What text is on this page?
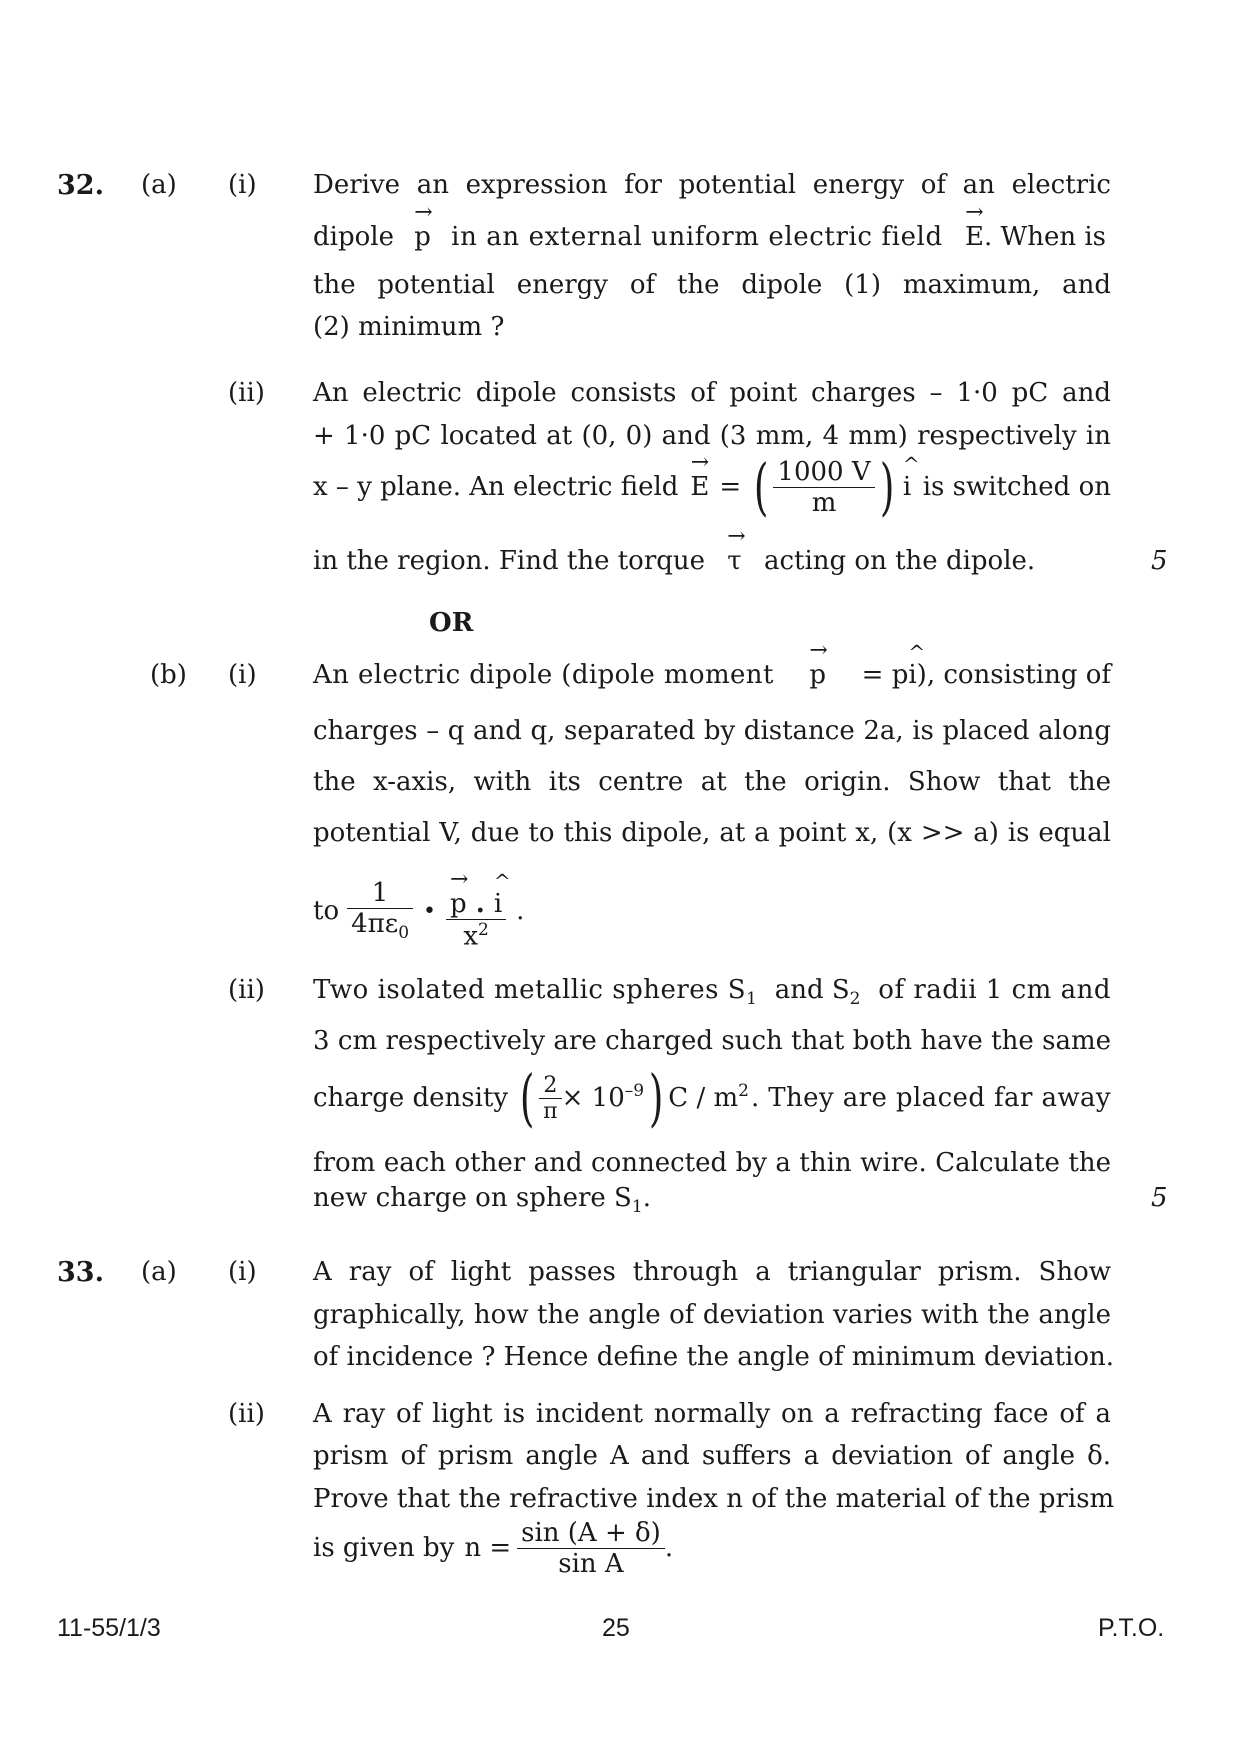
32. (a) (i) Derive an expression for potential energy of an electric
dipole
→
p in an external uniform electric field
→
E. When is
the potential energy of the dipole (1) maximum, and
(2) minimum ?
(ii) An electric dipole consists of point charges – 1·0 pC and
+ 1·0 pC located at (0, 0) and (3 mm, 4 mm) respectively in
x – y plane. An electric field
→
E = ( $\frac{1000 V}{m}$ ) ^
i is switched on
in the region. Find the torque
→
τ acting on the dipole.	5
OR
(b) (i) An electric dipole (dipole moment
→
p = p
^
i), consisting of
charges – q and q, separated by distance 2a, is placed along
the x-axis, with its centre at the origin. Show that the
potential V, due to this dipole, at a point x, (x >> a) is equal
to $\frac{1}{4\pi\varepsilon_0}$ • →
p .
^
i
$x^2$ .
(ii) Two isolated metallic spheres $S_1$ and $S_2$ of radii 1 cm and
3 cm respectively are charged such that both have the same
charge density ( $\frac{2}{\pi} \times 10^{-9}$ ) C / $m^2$ . They are placed far away
from each other and connected by a thin wire. Calculate the
new charge on sphere $S_1$.	5
33. (a) (i) A ray of light passes through a triangular prism. Show
graphically, how the angle of deviation varies with the angle
of incidence ? Hence define the angle of minimum deviation.
(ii) A ray of light is incident normally on a refracting face of a
prism of prism angle A and suffers a deviation of angle δ.
Prove that the refractive index n of the material of the prism
is given by $n = \frac{\sin (A + \delta)}{\text{sin A}}$ .
11-55/1/3	25	P.T.O.
